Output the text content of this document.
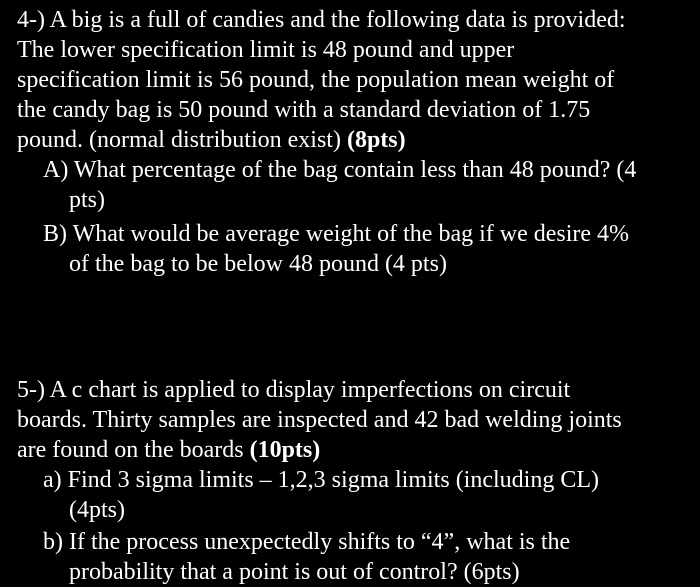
4-) A big is a full of candies and the following data is provided:
The lower specification limit is 48 pound and upper
specification limit is 56 pound, the population mean weight of
the candy bag is 50 pound with a standard deviation of 1.75
pound. (normal distribution exist) (8pts)
A) What percentage of the bag contain less than 48 pound? (4
pts)
B) What would be average weight of the bag if we desire 4%
of the bag to be below 48 pound (4 pts)
5-) A c chart is applied to display imperfections on circuit
boards. Thirty samples are inspected and 42 bad welding joints
are found on the boards (10pts)
a) Find 3 sigma limits – 1,2,3 sigma limits (including CL)
(4pts)
b) If the process unexpectedly shifts to “4”, what is the
probability that a point is out of control? (6pts)
